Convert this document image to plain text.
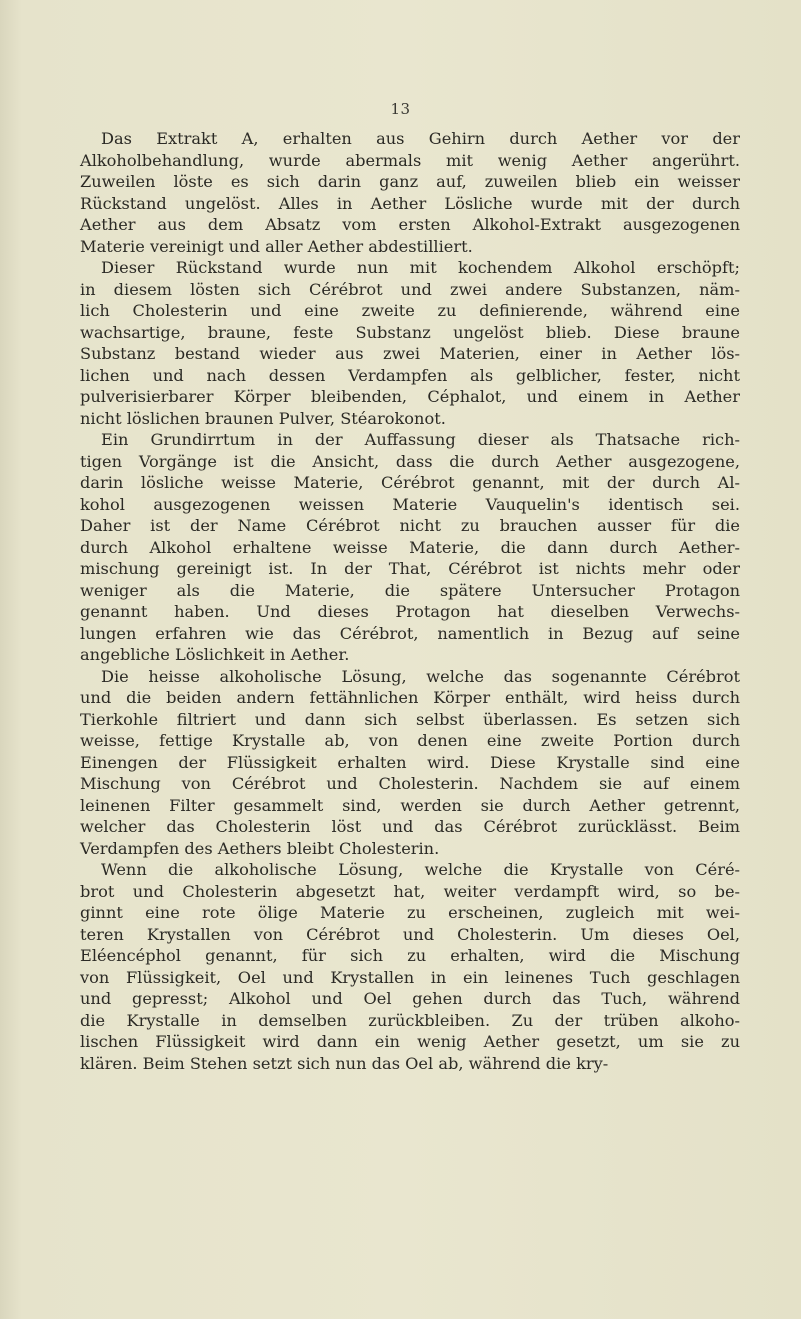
13

Das Extrakt A, erhalten aus Gehirn durch Aether vor der
Alkoholbehandlung, wurde abermals mit wenig Aether angerührt.
Zuweilen löste es sich darin ganz auf, zuweilen blieb ein weisser
Rückstand ungelöst. Alles in Aether Lösliche wurde mit der durch
Aether aus dem Absatz vom ersten Alkohol-Extrakt ausgezogenen
Materie vereinigt und aller Aether abdestilliert.

Dieser Rückstand wurde nun mit kochendem Alkohol erschöpft;
in diesem lösten sich Cérébrot und zwei andere Substanzen, näm-
lich Cholesterin und eine zweite zu definierende, während eine
wachsartige, braune, feste Substanz ungelöst blieb. Diese braune
Substanz bestand wieder aus zwei Materien, einer in Aether lös-
lichen und nach dessen Verdampfen als gelblicher, fester, nicht
pulverisierbarer Körper bleibenden, Céphalot, und einem in Aether
nicht löslichen braunen Pulver, Stéarokonot.

Ein Grundirrtum in der Auffassung dieser als Thatsache rich-
tigen Vorgänge ist die Ansicht, dass die durch Aether ausgezogene,
darin lösliche weisse Materie, Cérébrot genannt, mit der durch Al-
kohol ausgezogenen weissen Materie Vauquelin's identisch sei.
Daher ist der Name Cérébrot nicht zu brauchen ausser für die
durch Alkohol erhaltene weisse Materie, die dann durch Aether-
mischung gereinigt ist. In der That, Cérébrot ist nichts mehr oder
weniger als die Materie, die spätere Untersucher Protagon
genannt haben. Und dieses Protagon hat dieselben Verwechs-
lungen erfahren wie das Cérébrot, namentlich in Bezug auf seine
angebliche Löslichkeit in Aether.

Die heisse alkoholische Lösung, welche das sogenannte Cérébrot
und die beiden andern fettähnlichen Körper enthält, wird heiss durch
Tierkohle filtriert und dann sich selbst überlassen. Es setzen sich
weisse, fettige Krystalle ab, von denen eine zweite Portion durch
Einengen der Flüssigkeit erhalten wird. Diese Krystalle sind eine
Mischung von Cérébrot und Cholesterin. Nachdem sie auf einem
leinenen Filter gesammelt sind, werden sie durch Aether getrennt,
welcher das Cholesterin löst und das Cérébrot zurücklässt. Beim
Verdampfen des Aethers bleibt Cholesterin.

Wenn die alkoholische Lösung, welche die Krystalle von Céré-
brot und Cholesterin abgesetzt hat, weiter verdampft wird, so be-
ginnt eine rote ölige Materie zu erscheinen, zugleich mit wei-
teren Krystallen von Cérébrot und Cholesterin. Um dieses Oel,
Eléencéphol genannt, für sich zu erhalten, wird die Mischung
von Flüssigkeit, Oel und Krystallen in ein leinenes Tuch geschlagen
und gepresst; Alkohol und Oel gehen durch das Tuch, während
die Krystalle in demselben zurückbleiben. Zu der trüben alkoho-
lischen Flüssigkeit wird dann ein wenig Aether gesetzt, um sie zu
klären. Beim Stehen setzt sich nun das Oel ab, während die kry-
